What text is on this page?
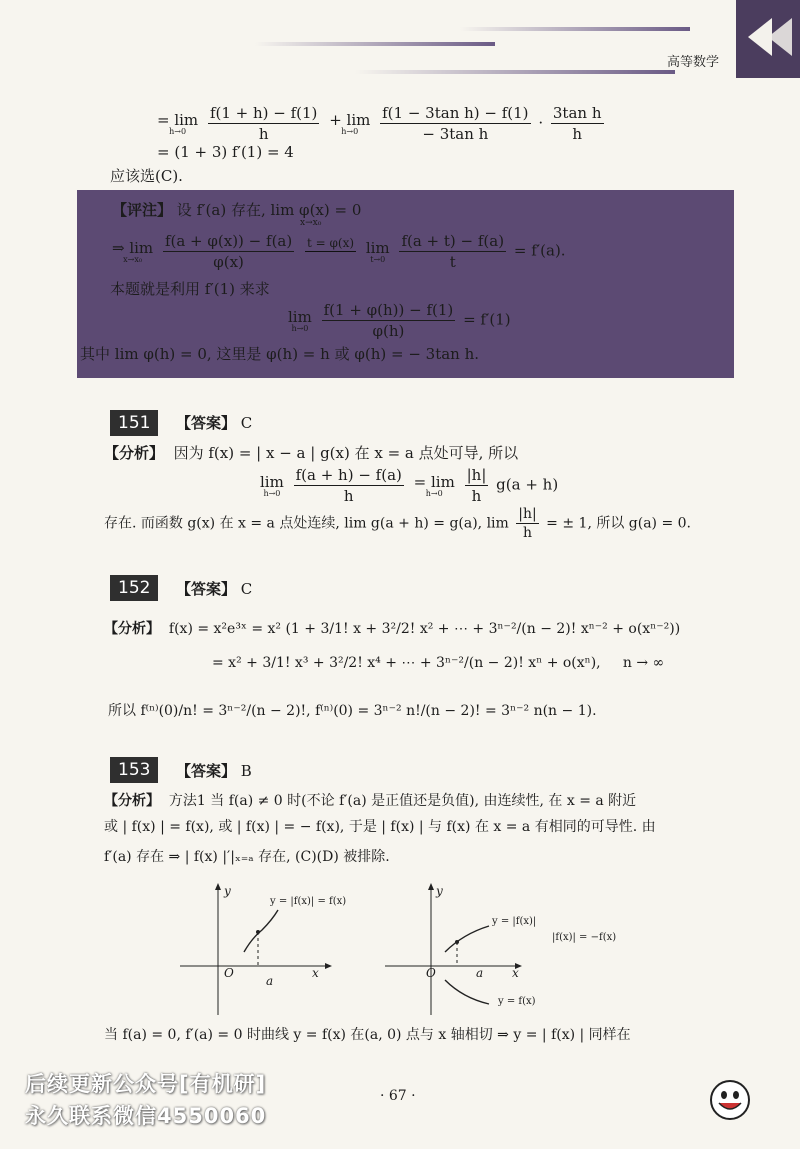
高等数学
= lim
h→0
$\frac{f(1 + h) - f(1)}{h}$
+ lim
h→0
$\frac{\text{f(1 − 3tan h) − f(1)}}{\text{− 3tan h}} \cdot \frac{\text{3tan h}}{h}$
= (1 + 3) f′(1) = 4
应该选(C).
【评注】 设 f′(a) 存在, lim φ(x) = 0
x→x₀
⇒ lim
x→x₀
$\frac{f(a + \varphi(x)) - f(a)}{\varphi(x)}$
t = φ(x)

lim
t→0
$\frac{f(a + t) - f(a)}{t} = f'(a)$.
本题就是利用 f′(1) 来求
lim
h→0
$\frac{f(1 + \varphi(h)) - f(1)}{\varphi(h)} = f'(1)$
其中 lim φ(h) = 0, 这里是 φ(h) = h 或 φ(h) = − 3tan h.
151	【答案】 C
【分析】 因为 f(x) = | x − a | g(x) 在 x = a 点处可导, 所以
lim
h→0
$\frac{f(a + h) - f(a)}{h}$
= lim
h→0
$\frac{|h|}{h} g(a + h)$
存在. 而函数 g(x) 在 x = a 点处连续, lim g(a + h) = g(a), $\lim \frac{|h|}{h}$ = ± 1, 所以 g(a) = 0.
152	【答案】 C
【分析】 f(x) = x²e³ˣ = x² (1 + 3/1! x + 3²/2! x² + ⋯ + 3ⁿ⁻²/(n − 2)! xⁿ⁻² + o(xⁿ⁻²))
= x² + 3/1! x³ + 3²/2! x⁴ + ⋯ + 3ⁿ⁻²/(n − 2)! xⁿ + o(xⁿ), n → ∞
所以 f⁽ⁿ⁾(0)/n! = 3ⁿ⁻²/(n − 2)!, f⁽ⁿ⁾(0) = 3ⁿ⁻² n!/(n − 2)! = 3ⁿ⁻² n(n − 1).
153	【答案】 B
【分析】 方法1 当 f(a) ≠ 0 时(不论 f′(a) 是正值还是负值), 由连续性, 在 x = a 附近
或 | f(x) | = f(x), 或 | f(x) | = − f(x), 于是 | f(x) | 与 f(x) 在 x = a 有相同的可导性. 由
f′(a) 存在 ⇒ | f(x) |′|ₓ₌ₐ 存在, (C)(D) 被排除.
y
x
O
a
y = |f(x)| = f(x)
y
x
O	a
y = |f(x)|
|f(x)| = −f(x)
y = f(x)
当 f(a) = 0, f′(a) = 0 时曲线 y = f(x) 在(a, 0) 点与 x 轴相切 ⇒ y = | f(x) | 同样在
后续更新公众号[有机研]
永久联系微信4550060
· 67 ·
